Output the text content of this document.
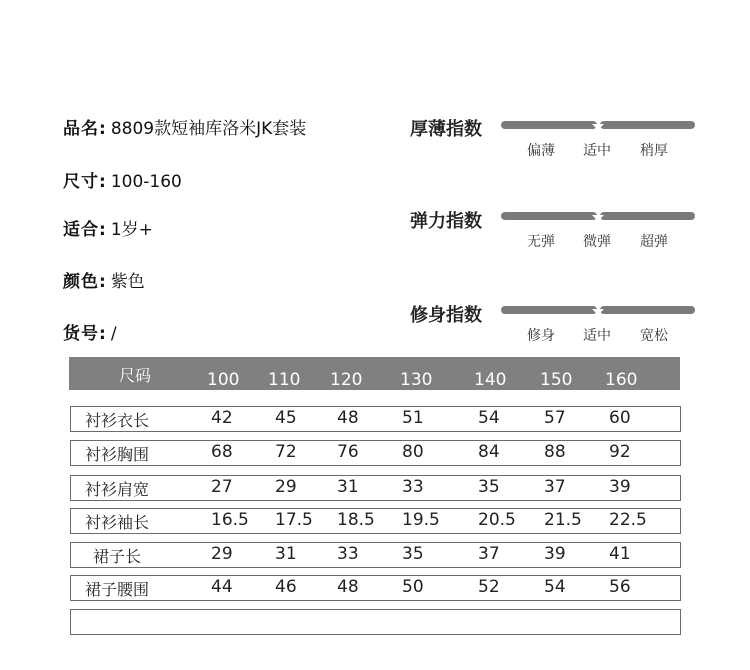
品名: 8809款短袖库洛米JK套装
尺寸: 100-160
适合: 1岁+
颜色: 紫色
货号: /
厚薄指数
偏薄 适中 稍厚
弹力指数
无弹 微弹 超弹
修身指数
修身 适中 宽松
尺码	100 110 120 130 140 150 160
衬衫衣长	42 45 48	51	54	57	60
衬衫胸围	68 72 76	80	84	88	92
衬衫肩宽	27 29 31	33	35	37	39
衬衫袖长	16.5 17.5 18.5 19.5 20.5 21.5 22.5
裙子长	29 31 33	35	37	39	41
裙子腰围	44 46 48	50	52	54	56
